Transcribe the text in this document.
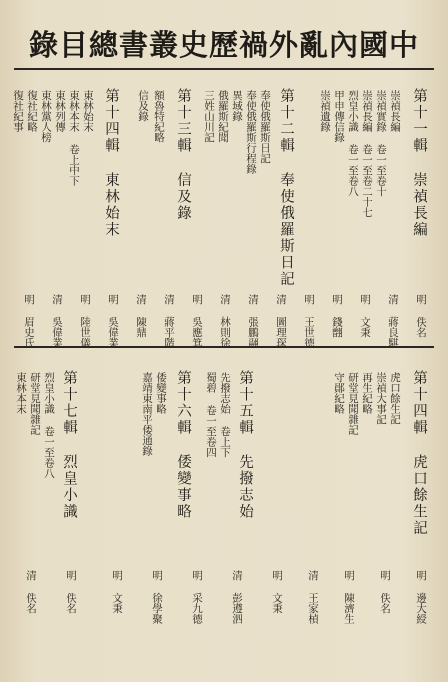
中國內亂外禍歷史叢書總目錄
第十一輯 崇禎長編
第十二輯 奉使俄羅斯日記
第十三輯 信及錄
第十四輯 東林始末	崇禎長編
崇禎實錄 卷一至卷十
崇禎長編 卷一至卷二十七
烈皇小識 卷一至卷八
甲申傳信錄
崇禎遺錄
奉使俄羅斯日記
奉使俄羅斯行程錄
異域錄
俄羅斯紀聞
三姓山川記
額魯特紀略
信及錄
東林始末
東林本末 卷上中下
東林列傳
東林黨人榜
復社紀略
復社紀事
明 佚名
清 蔣良騏
明 文秉
明 錢䎖
明 王世德
清 圖理琛
清 張鵬翮
清 林則徐
明 吳應箕
清 蔣平階
清 陳鼎
明 吳偉業
明 陸世儀
清 吳偉業
明 眉史氏
第十四輯 虎口餘生記
第十五輯 先撥志始
第十六輯 倭變事略
第十七輯 烈皇小識	虎口餘生記
崇禎大事記
再生紀略
研堂見聞雜記
守鄖紀略
先撥志始 卷上下
蜀碧 卷一至卷四
倭變事略
嘉靖東南平倭通錄
烈皇小識 卷一至卷八
研堂見聞雜記
東林本末
明 邊大綬
明 佚名
明 陳濟生
清 王家楨
明 文秉
清 彭遵泗
明 采九德
明 徐學聚
明 文秉
明 佚名
清 佚名
